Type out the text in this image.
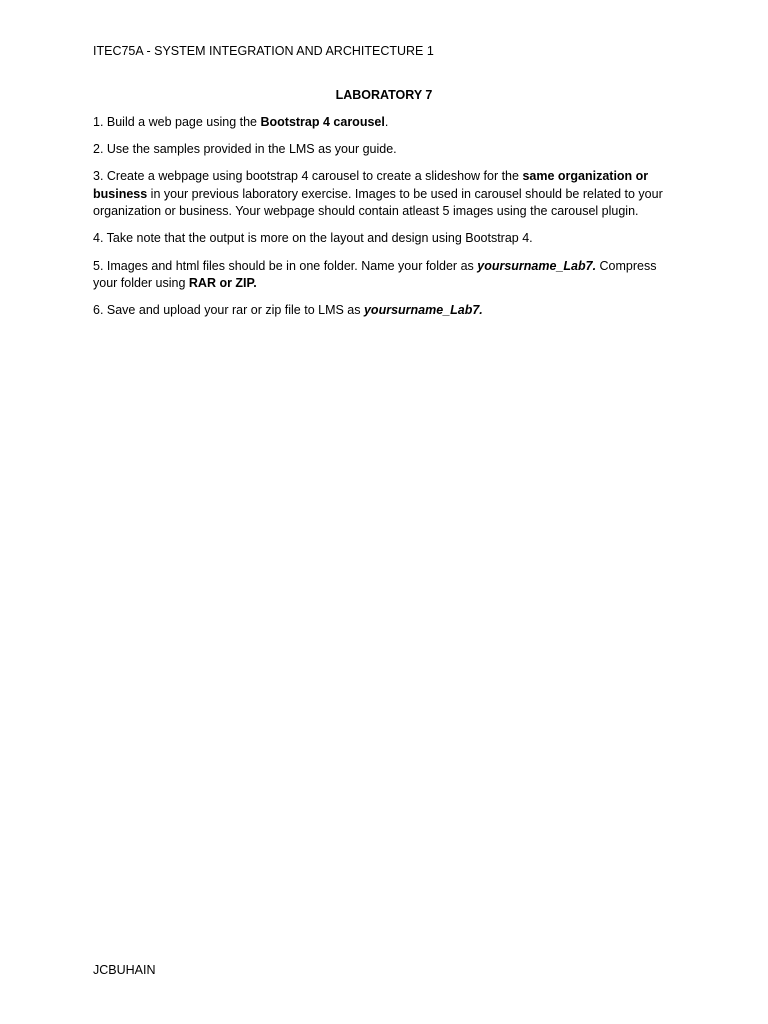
ITEC75A - SYSTEM INTEGRATION AND ARCHITECTURE 1
LABORATORY 7

1. Build a web page using the Bootstrap 4 carousel.

2. Use the samples provided in the LMS as your guide.

3. Create a webpage using bootstrap 4 carousel to create a slideshow for the same organization or business in your previous laboratory exercise. Images to be used in carousel should be related to your organization or business. Your webpage should contain atleast 5 images using the carousel plugin.

4. Take note that the output is more on the layout and design using Bootstrap 4.

5. Images and html files should be in one folder. Name your folder as yoursurname_Lab7. Compress your folder using RAR or ZIP.

6. Save and upload your rar or zip file to LMS as yoursurname_Lab7.

JCBUHAIN
